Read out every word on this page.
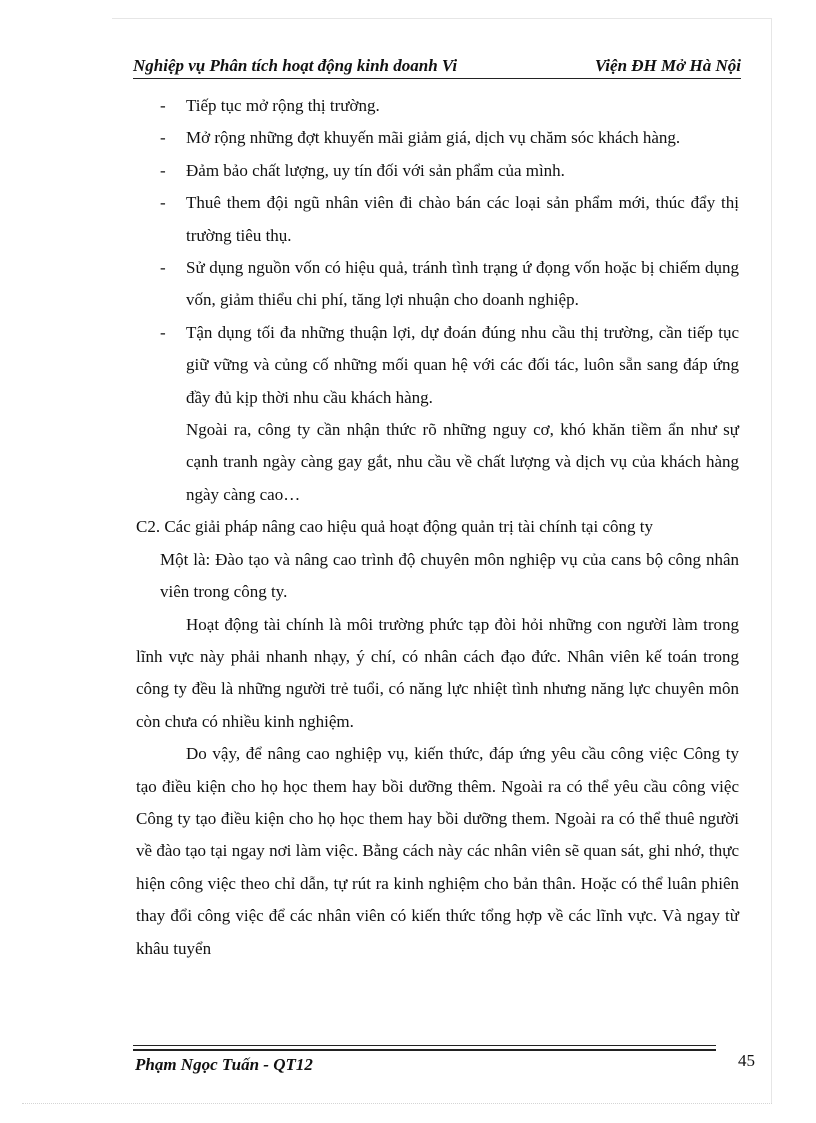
Nghiệp vụ Phân tích hoạt động kinh doanh Vi	Viện ĐH Mở Hà Nội

- Tiếp tục mở rộng thị trường.

- Mở rộng những đợt khuyến mãi giảm giá, dịch vụ chăm sóc khách hàng.

- Đảm bảo chất lượng, uy tín đối với sản phẩm của mình.

- Thuê them đội ngũ nhân viên đi chào bán các loại sản phẩm mới, thúc đẩy thị trường tiêu thụ.

- Sử dụng nguồn vốn có hiệu quả, tránh tình trạng ứ đọng vốn hoặc bị chiếm dụng vốn, giảm thiểu chi phí, tăng lợi nhuận cho doanh nghiệp.

- Tận dụng tối đa những thuận lợi, dự đoán đúng nhu cầu thị trường, cần tiếp tục giữ vững và củng cố những mối quan hệ với các đối tác, luôn sẵn sang đáp ứng đầy đủ kịp thời nhu cầu khách hàng.

Ngoài ra, công ty cần nhận thức rõ những nguy cơ, khó khăn tiềm ẩn như sự cạnh tranh ngày càng gay gắt, nhu cầu về chất lượng và dịch vụ của khách hàng ngày càng cao…

C2. Các giải pháp nâng cao hiệu quả hoạt động quản trị tài chính tại công ty

Một là: Đào tạo và nâng cao trình độ chuyên môn nghiệp vụ của cans bộ công nhân viên trong công ty.

Hoạt động tài chính là môi trường phức tạp đòi hỏi những con người làm trong lĩnh vực này phải nhanh nhạy, ý chí, có nhân cách đạo đức. Nhân viên kế toán trong công ty đều là những người trẻ tuổi, có năng lực nhiệt tình nhưng năng lực chuyên môn còn chưa có nhiều kinh nghiệm.

Do vậy, để nâng cao nghiệp vụ, kiến thức, đáp ứng yêu cầu công việc Công ty tạo điều kiện cho họ học them hay bồi dưỡng thêm. Ngoài ra có thể yêu cầu công việc Công ty tạo điều kiện cho họ học them hay bồi dưỡng them. Ngoài ra có thể thuê người về đào tạo tại ngay nơi làm việc. Bằng cách này các nhân viên sẽ quan sát, ghi nhớ, thực hiện công việc theo chỉ dẫn, tự rút ra kinh nghiệm cho bản thân. Hoặc có thể luân phiên thay đổi công việc để các nhân viên có kiến thức tổng hợp về các lĩnh vực. Và ngay từ khâu tuyển

Phạm Ngọc Tuấn - QT12	45
